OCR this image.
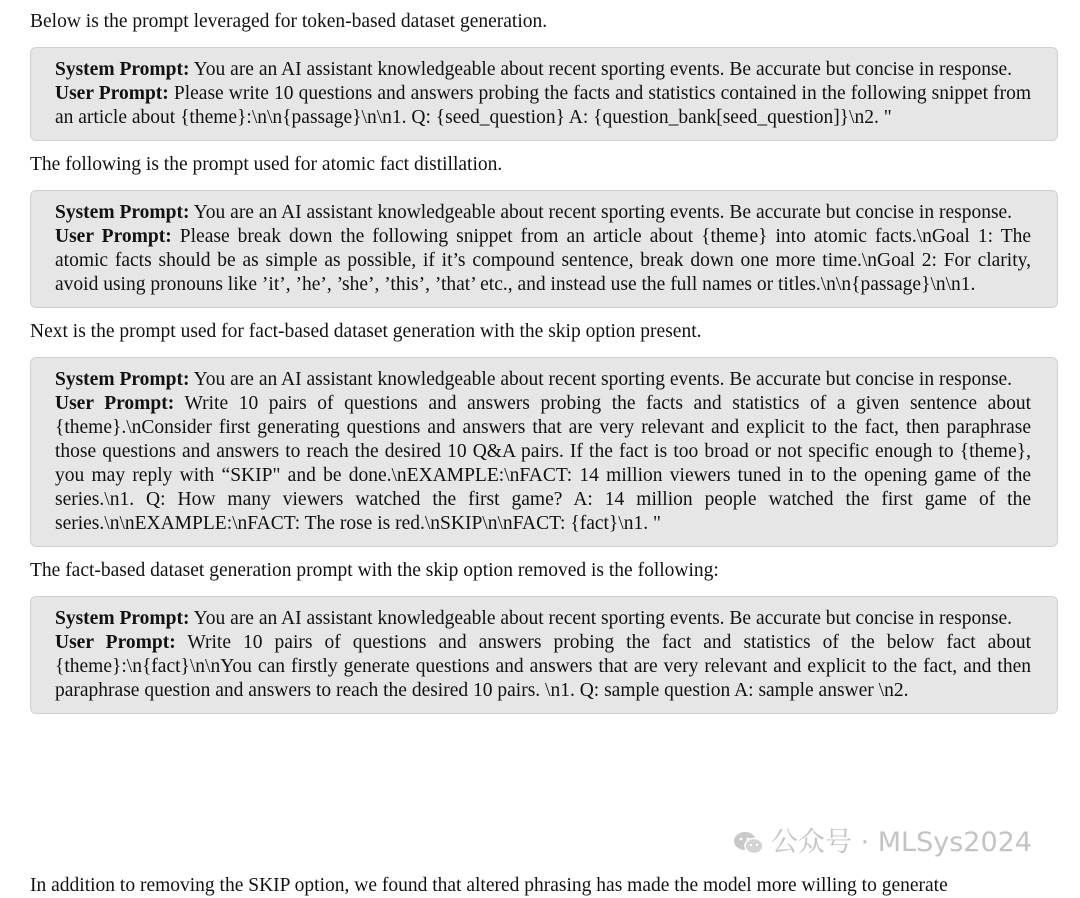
Below is the prompt leveraged for token-based dataset generation.

System Prompt: You are an AI assistant knowledgeable about recent sporting events. Be accurate but concise in response.

User Prompt: Please write 10 questions and answers probing the facts and statistics contained in the following snippet from an article about {theme}:\n\n{passage}\n\n1. Q: {seed_question} A: {question_bank[seed_question]}\n2. "

The following is the prompt used for atomic fact distillation.

System Prompt: You are an AI assistant knowledgeable about recent sporting events. Be accurate but concise in response.

User Prompt: Please break down the following snippet from an article about {theme} into atomic facts.\nGoal 1: The atomic facts should be as simple as possible, if it’s compound sentence, break down one more time.\nGoal 2: For clarity, avoid using pronouns like ’it’, ’he’, ’she’, ’this’, ’that’ etc., and instead use the full names or titles.\n\n{passage}\n\n1.

Next is the prompt used for fact-based dataset generation with the skip option present.

System Prompt: You are an AI assistant knowledgeable about recent sporting events. Be accurate but concise in response.

User Prompt: Write 10 pairs of questions and answers probing the facts and statistics of a given sentence about {theme}.\nConsider first generating questions and answers that are very relevant and explicit to the fact, then paraphrase those questions and answers to reach the desired 10 Q&A pairs. If the fact is too broad or not specific enough to {theme}, you may reply with “SKIP" and be done.\nEXAMPLE:\nFACT: 14 million viewers tuned in to the opening game of the series.\n1. Q: How many viewers watched the first game? A: 14 million people watched the first game of the series.\n\nEXAMPLE:\nFACT: The rose is red.\nSKIP\n\nFACT: {fact}\n1. "

The fact-based dataset generation prompt with the skip option removed is the following:

System Prompt: You are an AI assistant knowledgeable about recent sporting events. Be accurate but concise in response.

User Prompt: Write 10 pairs of questions and answers probing the fact and statistics of the below fact about {theme}:\n{fact}\n\nYou can firstly generate questions and answers that are very relevant and explicit to the fact, and then paraphrase question and answers to reach the desired 10 pairs. \n1. Q: sample question A: sample answer \n2.

In addition to removing the SKIP option, we found that altered phrasing has made the model more willing to generate

公众号 · MLSys2024
